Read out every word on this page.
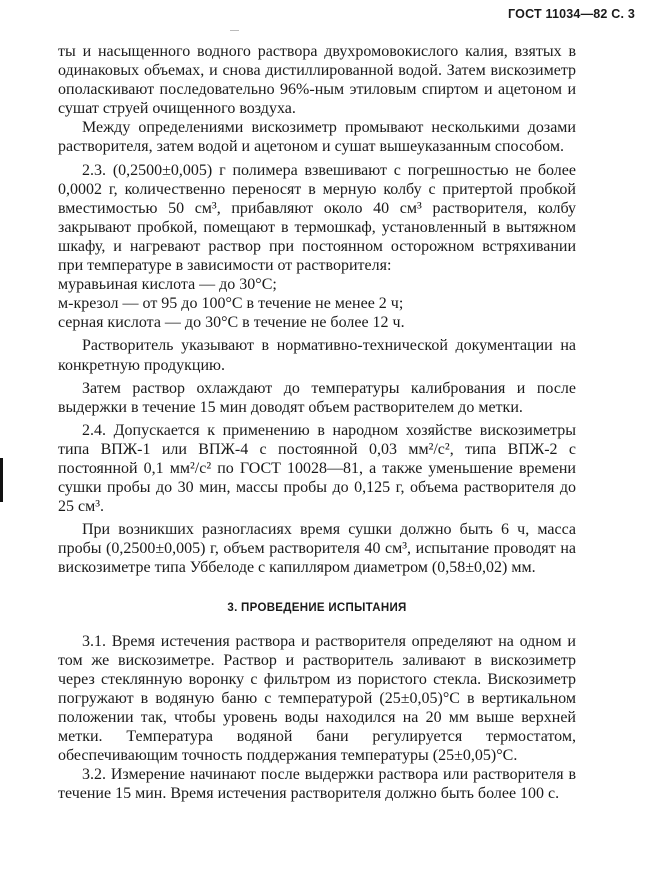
ГОСТ 11034—82 С. 3

ты и насыщенного водного раствора двухромовокислого калия, взятых в одинаковых объемах, и снова дистиллированной водой. Затем вискозиметр ополаскивают последовательно 96%-ным этиловым спиртом и ацетоном и сушат струей очищенного воздуха.

Между определениями вискозиметр промывают несколькими дозами растворителя, затем водой и ацетоном и сушат вышеуказанным способом.

2.3. (0,2500±0,005) г полимера взвешивают с погрешностью не более 0,0002 г, количественно переносят в мерную колбу с притертой пробкой вместимостью 50 см³, прибавляют около 40 см³ растворителя, колбу закрывают пробкой, помещают в термошкаф, установленный в вытяжном шкафу, и нагревают раствор при постоянном осторожном встряхивании при температуре в зависимости от растворителя:

муравьиная кислота — до 30°С;

м-крезол — от 95 до 100°С в течение не менее 2 ч;

серная кислота — до 30°С в течение не более 12 ч.

Растворитель указывают в нормативно-технической документации на конкретную продукцию.

Затем раствор охлаждают до температуры калибрования и после выдержки в течение 15 мин доводят объем растворителем до метки.

2.4. Допускается к применению в народном хозяйстве вискозиметры типа ВПЖ-1 или ВПЖ-4 с постоянной 0,03 мм²/с², типа ВПЖ-2 с постоянной 0,1 мм²/с² по ГОСТ 10028—81, а также уменьшение времени сушки пробы до 30 мин, массы пробы до 0,125 г, объема растворителя до 25 см³.

При возникших разногласиях время сушки должно быть 6 ч, масса пробы (0,2500±0,005) г, объем растворителя 40 см³, испытание проводят на вискозиметре типа Уббелоде с капилляром диаметром (0,58±0,02) мм.

3. ПРОВЕДЕНИЕ ИСПЫТАНИЯ

3.1. Время истечения раствора и растворителя определяют на одном и том же вискозиметре. Раствор и растворитель заливают в вискозиметр через стеклянную воронку с фильтром из пористого стекла. Вискозиметр погружают в водяную баню с температурой (25±0,05)°С в вертикальном положении так, чтобы уровень воды находился на 20 мм выше верхней метки. Температура водяной бани регулируется термостатом, обеспечивающим точность поддержания температуры (25±0,05)°С.

3.2. Измерение начинают после выдержки раствора или растворителя в течение 15 мин. Время истечения растворителя должно быть более 100 с.
